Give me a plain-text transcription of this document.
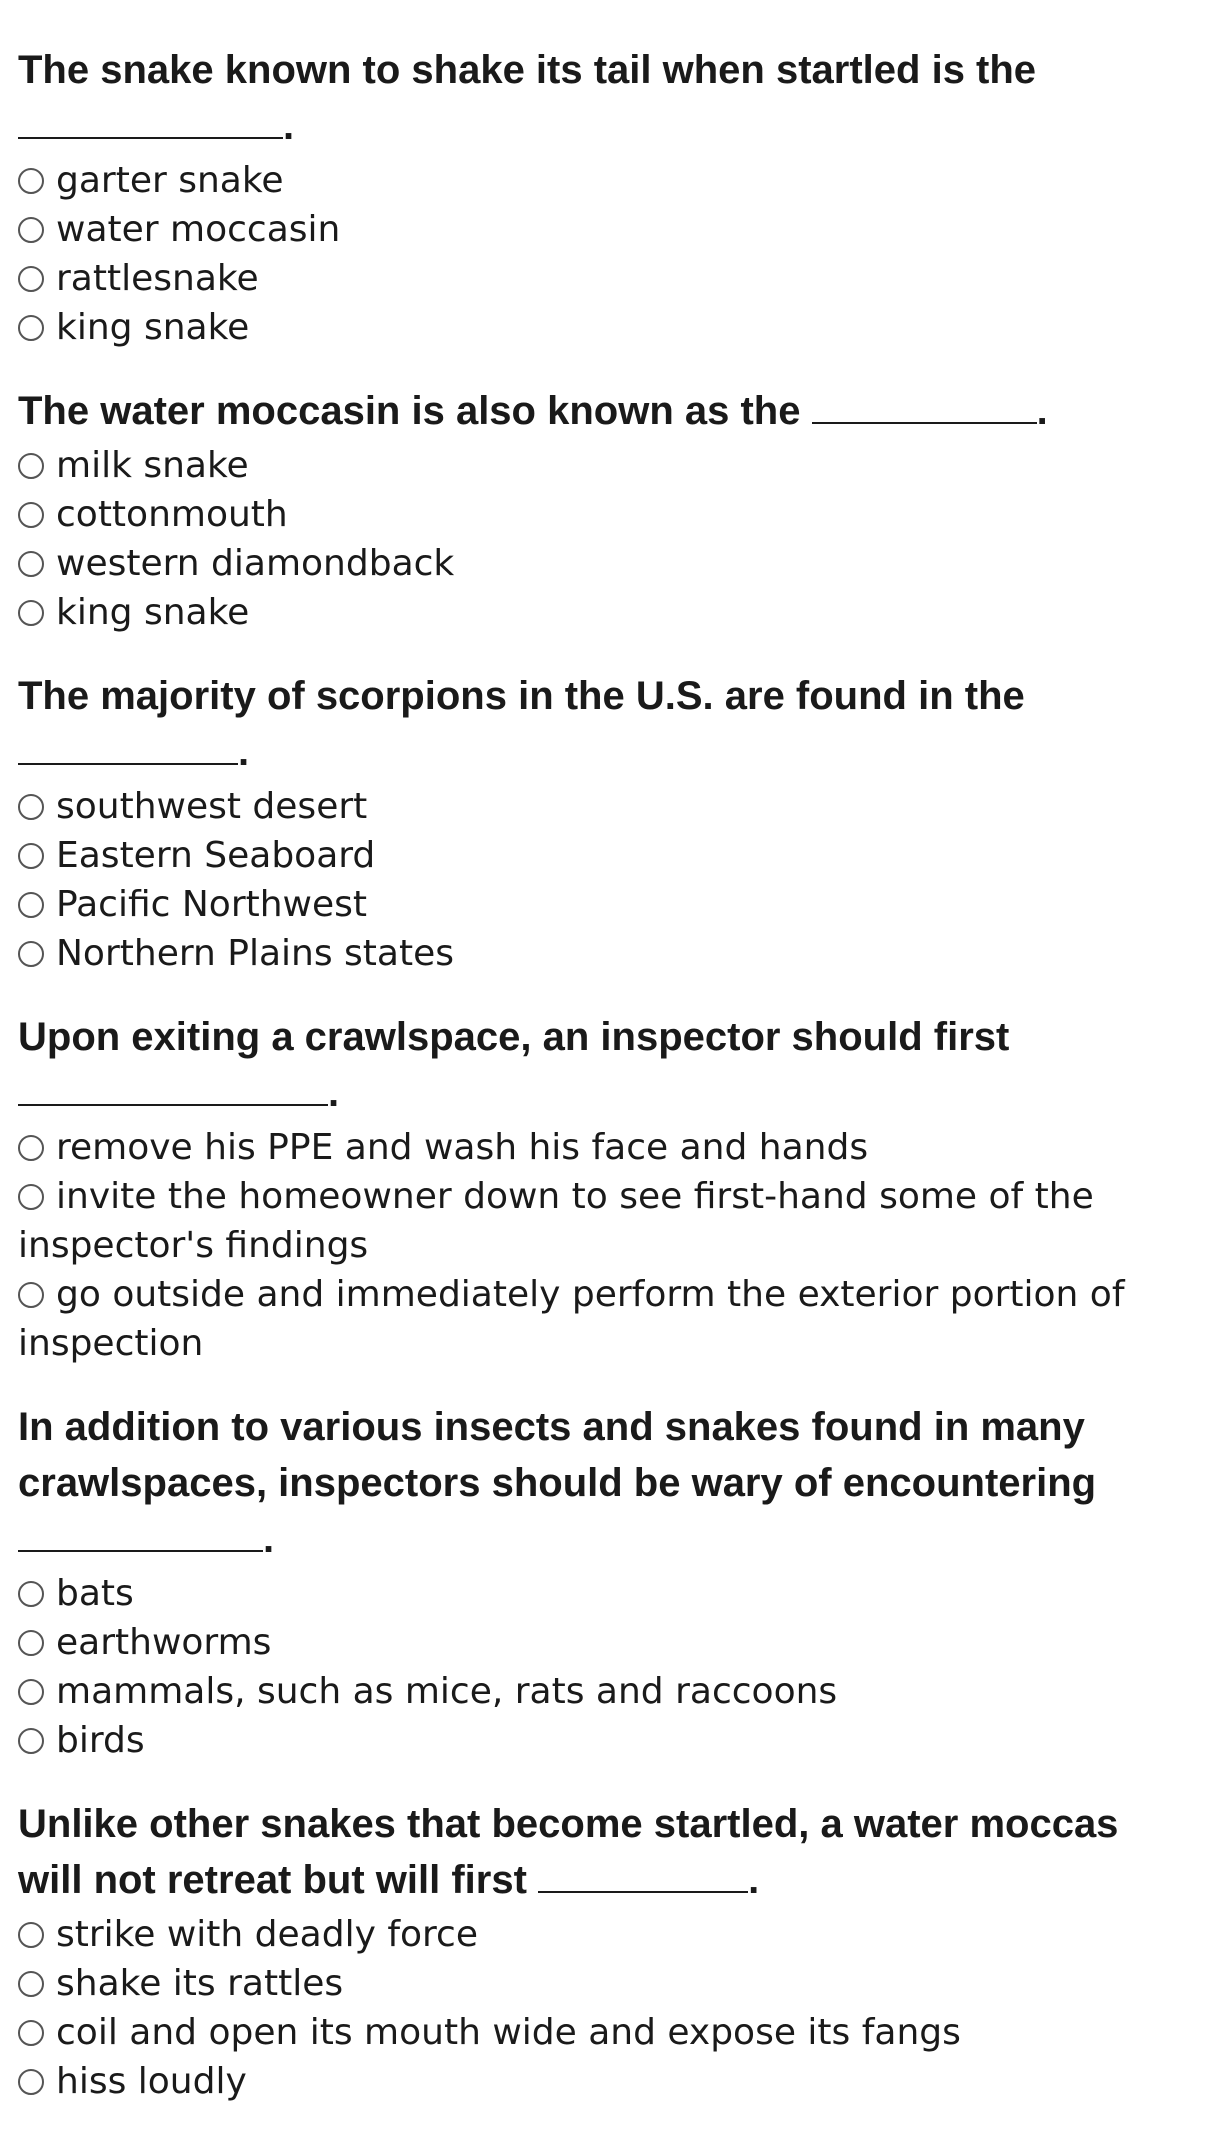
The snake known to shake its tail when startled is the
.
garter snake
water moccasin
rattlesnake
king snake
The water moccasin is also known as the	.
milk snake
cottonmouth
western diamondback
king snake
The majority of scorpions in the U.S. are found in the
.
southwest desert
Eastern Seaboard
Pacific Northwest
Northern Plains states
Upon exiting a crawlspace, an inspector should first
.
remove his PPE and wash his face and hands
invite the homeowner down to see first-hand some of the inspector's findings
go outside and immediately perform the exterior portion of inspection
In addition to various insects and snakes found in many
crawlspaces, inspectors should be wary of encountering
.
bats
earthworms
mammals, such as mice, rats and raccoons
birds
Unlike other snakes that become startled, a water moccas
will not retreat but will first	.
strike with deadly force
shake its rattles
coil and open its mouth wide and expose its fangs
hiss loudly
